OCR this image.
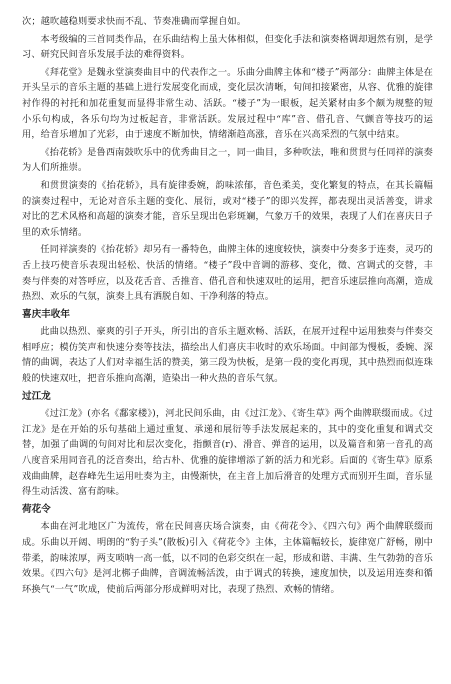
次；越吹越稳则要求快而不乱、节奏准确而掌握自如。

本考级编的三首同类作品，在乐曲结构上虽大体相似，但变化手法和演奏格调却迥然有别，是学习、研究民间音乐发展手法的难得资料。

《拜花堂》是魏永堂演奏曲目中的代表作之一。乐曲分曲牌主体和“楼子”两部分：曲牌主体是在开头呈示的音乐主题的基础上进行发展变化而成，变化层次清晰，旬间扣接紧密，从容、优雅的旋律衬作得的衬托和加花重复而显得非常生动、活跃。“楼子”为一眼板，起关紧材由多个颇为规整的短小乐句构成，各乐句均为过板起音，非常活跃。发展过程中“库”音、借孔音、气颤音等技巧的运用，给音乐增加了光彩，由于速度不断加快，情绪渐趋高涨，音乐在兴高采烈的气氛中结束。

《抬花轿》是鲁西南鼓吹乐中的优秀曲目之一，同一曲目，多种吹法，唯和贯贯与任同祥的演奏为人们所推崇。

和贯贯演奏的《抬花轿》，具有旋律委婉，韵味浓郁，音色柔美，变化繁复的特点，在其长篇幅的演奏过程中，无论对音乐主题的变化、展衍，或对“楼子”的即兴发挥，都表现出灵活善变，讲求对比的艺术风格和高超的演奏才能，音乐呈现出色彩斑斓，气象万千的效果，表现了人们在喜庆日子里的欢乐情绪。

任同祥演奏的《抬花轿》却另有一番特色，曲牌主体的速度较快，演奏中分奏多于连奏，灵巧的舌上技巧使音乐表现出轻松、快活的情绪。“楼子”段中音调的游移、变化，徵、宫调式的交替，丰奏与伴奏的对答呼应，以及花舌音、舌推音、借孔音和快速双吐的运用，把音乐速层推向高潮，造成热烈、欢乐的气氛，演奏上具有洒脱自如、干净利落的特点。

喜庆丰收年

此曲以热烈、豪爽的引子开头，所引出的音乐主题欢畅、活跃，在展开过程中运用独奏与伴奏交相呼应；模仿笑声和快速分奏等技法，描绘出人们喜庆丰收时的欢乐场面。中间部为慢板，委婉、深情的曲调，表达了人们对幸福生活的赞美，第三段为快板，是第一段的变化再现，其中热烈而似连珠般的快速双吐，把音乐推向高潮，造染出一种火热的音乐气氛。

过江龙

《过江龙》(亦名《鄱家楼》)，河北民间乐曲，由《过江龙》、《寄生草》两个曲牌联缀而成。《过江龙》是在开始的乐句基础上通过重复、承递和展衍等手法发展起来的，其中的变化重复和调式交替，加强了曲调的句间对比和层次变化，指颤音(r)、滑音、弹音的运用，以及篇音和第一音孔的高八度音采用同音孔的泛音奏出，给古朴、优雅的旋律增添了新的活力和光彩。后面的《寄生草》原系戏曲曲牌，赵春峰先生运用吐奏为主，由慢渐快，在主音上加后滑音的处理方式而别开生面，音乐显得生动活泼、富有韵味。

荷花令

本曲在河北地区广为流传，常在民间喜庆场合演奏，由《荷花令》、《四六句》两个曲牌联缀而成。乐曲以开阔、明朗的“豹子头”(散板)引入《荷花令》主体，主体篇幅较长，旋律宽广舒畅，刚中带柔，韵味浓厚，两支唢呐一高一低，以不同的色彩交织在一起，形成和谐、丰满、生气勃勃的音乐效果。《四六句》是河北梆子曲牌，音调流畅活泼，由于调式的转换，速度加快，以及运用连奏和循环换气“一气”吹成，使前后两部分形成鲜明对比，表现了热烈、欢畅的情绪。
